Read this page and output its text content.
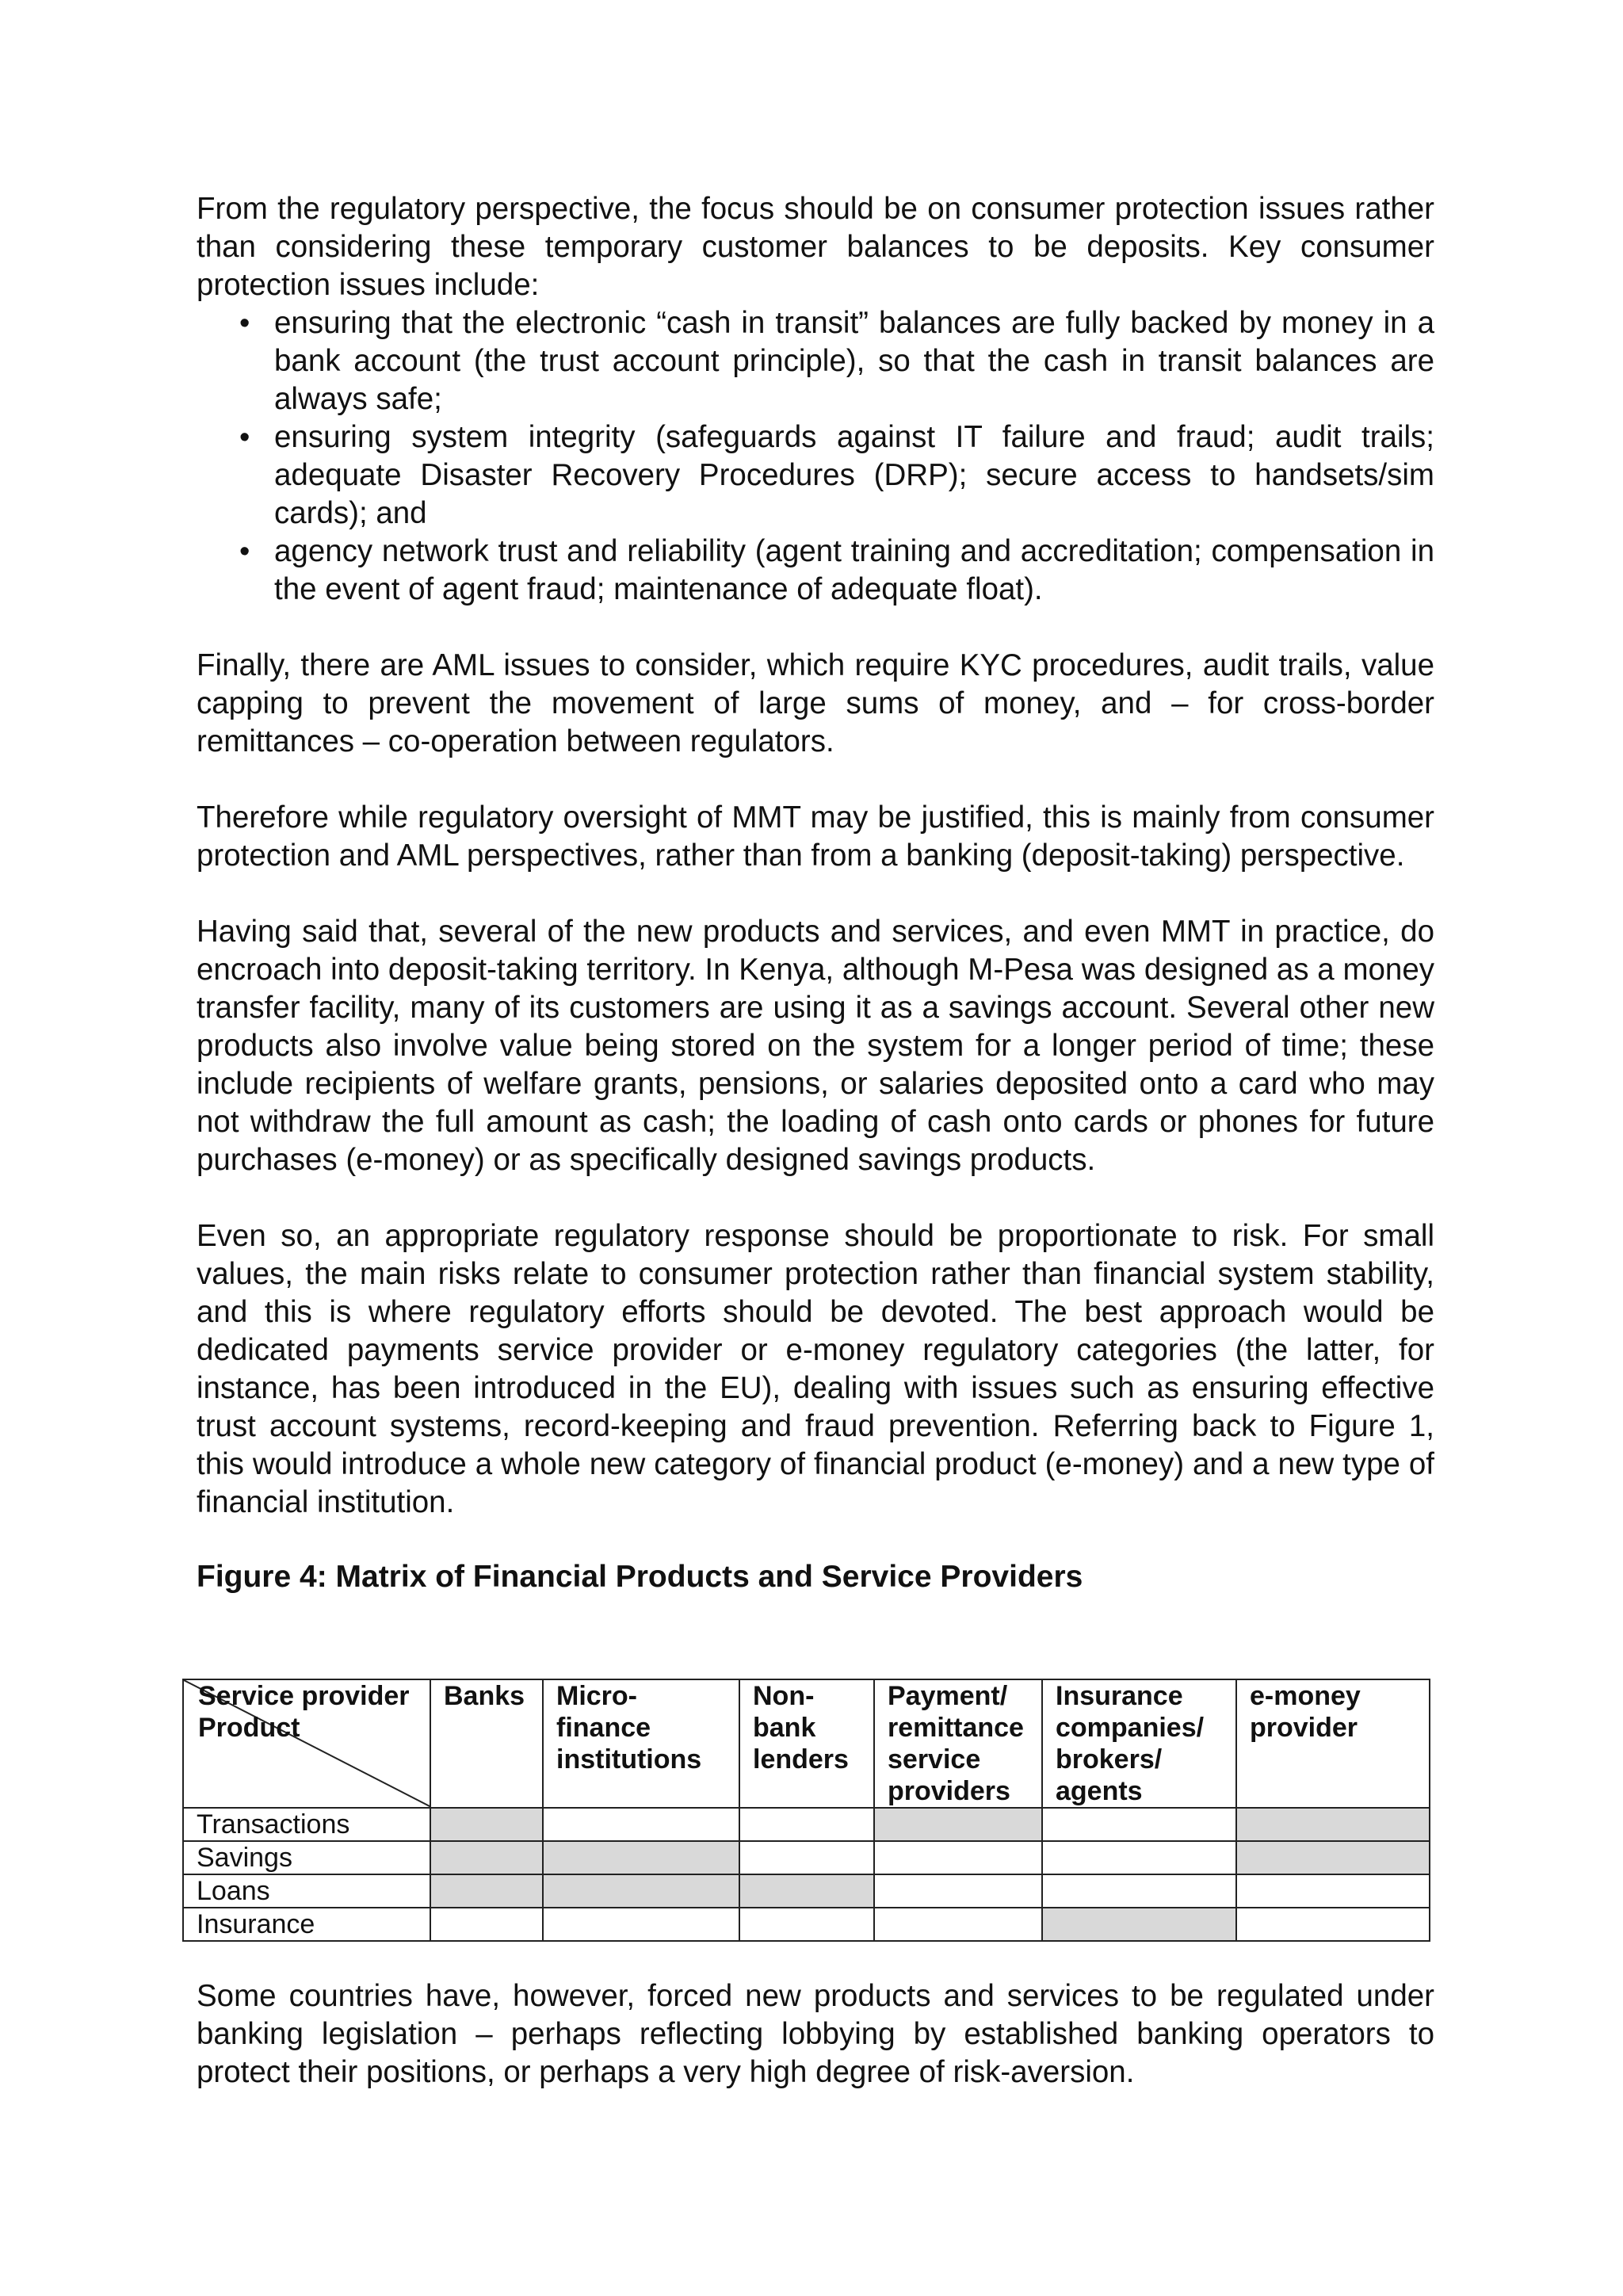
From the regulatory perspective, the focus should be on consumer protection issues rather than considering these temporary customer balances to be deposits. Key consumer protection issues include:

• ensuring that the electronic “cash in transit” balances are fully backed by money in a bank account (the trust account principle), so that the cash in transit balances are always safe;
• ensuring system integrity (safeguards against IT failure and fraud; audit trails; adequate Disaster Recovery Procedures (DRP); secure access to handsets/sim cards); and
• agency network trust and reliability (agent training and accreditation; compensation in the event of agent fraud; maintenance of adequate float).

Finally, there are AML issues to consider, which require KYC procedures, audit trails, value capping to prevent the movement of large sums of money, and – for cross-border remittances – co-operation between regulators.

Therefore while regulatory oversight of MMT may be justified, this is mainly from consumer protection and AML perspectives, rather than from a banking (deposit-taking) perspective.

Having said that, several of the new products and services, and even MMT in practice, do encroach into deposit-taking territory. In Kenya, although M-Pesa was designed as a money transfer facility, many of its customers are using it as a savings account. Several other new products also involve value being stored on the system for a longer period of time; these include recipients of welfare grants, pensions, or salaries deposited onto a card who may not withdraw the full amount as cash; the loading of cash onto cards or phones for future purchases (e-money) or as specifically designed savings products.

Even so, an appropriate regulatory response should be proportionate to risk. For small values, the main risks relate to consumer protection rather than financial system stability, and this is where regulatory efforts should be devoted. The best approach would be dedicated payments service provider or e-money regulatory categories (the latter, for instance, has been introduced in the EU), dealing with issues such as ensuring effective trust account systems, record-keeping and fraud prevention. Referring back to Figure 1, this would introduce a whole new category of financial product (e-money) and a new type of financial institution.

Figure 4: Matrix of Financial Products and Service Providers
Service provider
Product	Banks	Micro-
finance
institutions	Non-
bank
lenders	Payment/
remittance
service
providers	Insurance
companies/
brokers/
agents	e-money
provider
Transactions						
Savings						
Loans						
Insurance						

Some countries have, however, forced new products and services to be regulated under banking legislation – perhaps reflecting lobbying by established banking operators to protect their positions, or perhaps a very high degree of risk-aversion.
